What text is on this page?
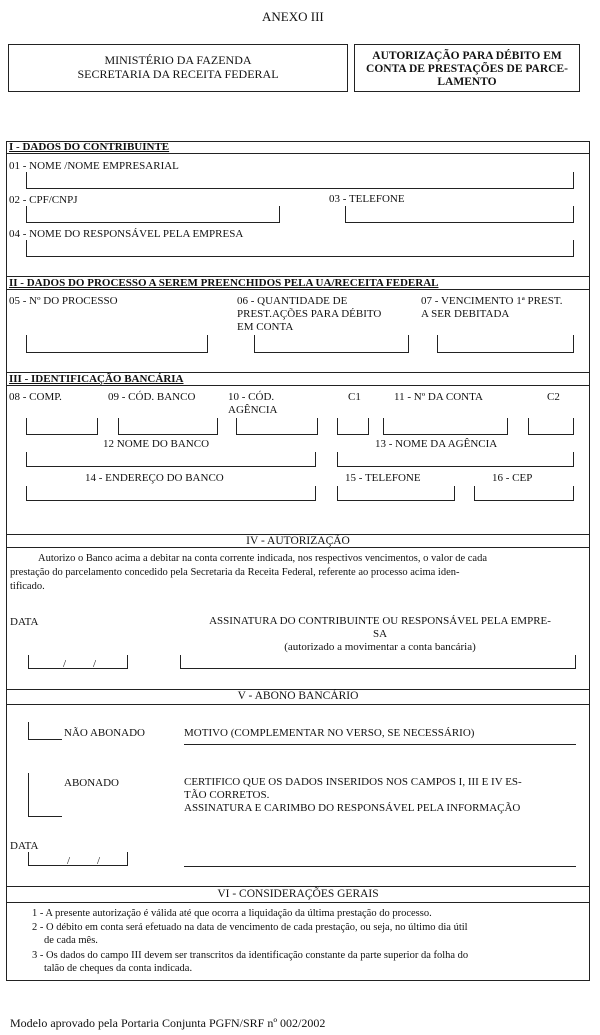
ANEXO III
MINISTÉRIO DA FAZENDA
SECRETARIA DA RECEITA FEDERAL
AUTORIZAÇÃO PARA DÉBITO EM
CONTA DE PRESTAÇÕES DE PARCE-
LAMENTO
I - DADOS DO CONTRIBUINTE
01 - NOME /NOME EMPRESARIAL
02 - CPF/CNPJ	03 - TELEFONE
04 - NOME DO RESPONSÁVEL PELA EMPRESA
II - DADOS DO PROCESSO A SEREM PREENCHIDOS PELA UA/RECEITA FEDERAL
05 - Nº DO PROCESSO	06 - QUANTIDADE DE
PREST.AÇÕES PARA DÉBITO
EM CONTA
07 - VENCIMENTO 1ª PREST.
A SER DEBITADA
III - IDENTIFICAÇÃO BANCÁRIA
08 - COMP.	09 - CÓD. BANCO	10 - CÓD.
AGÊNCIA
C1	11 - Nº DA CONTA	C2
12 NOME DO BANCO	13 - NOME DA AGÊNCIA
14 - ENDEREÇO DO BANCO	15 - TELEFONE	16 - CEP
IV - AUTORIZAÇÃO
Autorizo o Banco acima a debitar na conta corrente indicada, nos respectivos vencimentos, o valor de cada
prestação do parcelamento concedido pela Secretaria da Receita Federal, referente ao processo acima iden-
tificado.
DATA
/ /
ASSINATURA DO CONTRIBUINTE OU RESPONSÁVEL PELA EMPRE-
SA
(autorizado a movimentar a conta bancária)
V - ABONO BANCÁRIO
NÃO ABONADO	MOTIVO (COMPLEMENTAR NO VERSO, SE NECESSÁRIO)
ABONADO	CERTIFICO QUE OS DADOS INSERIDOS NOS CAMPOS I, III E IV ES-
TÃO CORRETOS.
ASSINATURA E CARIMBO DO RESPONSÁVEL PELA INFORMAÇÃO
DATA
/ /
VI - CONSIDERAÇÕES GERAIS
1 - A presente autorização é válida até que ocorra a liquidação da última prestação do processo.
2 - O débito em conta será efetuado na data de vencimento de cada prestação, ou seja, no último dia útil
de cada mês.
3 - Os dados do campo III devem ser transcritos da identificação constante da parte superior da folha do
talão de cheques da conta indicada.
Modelo aprovado pela Portaria Conjunta PGFN/SRF nº 002/2002
